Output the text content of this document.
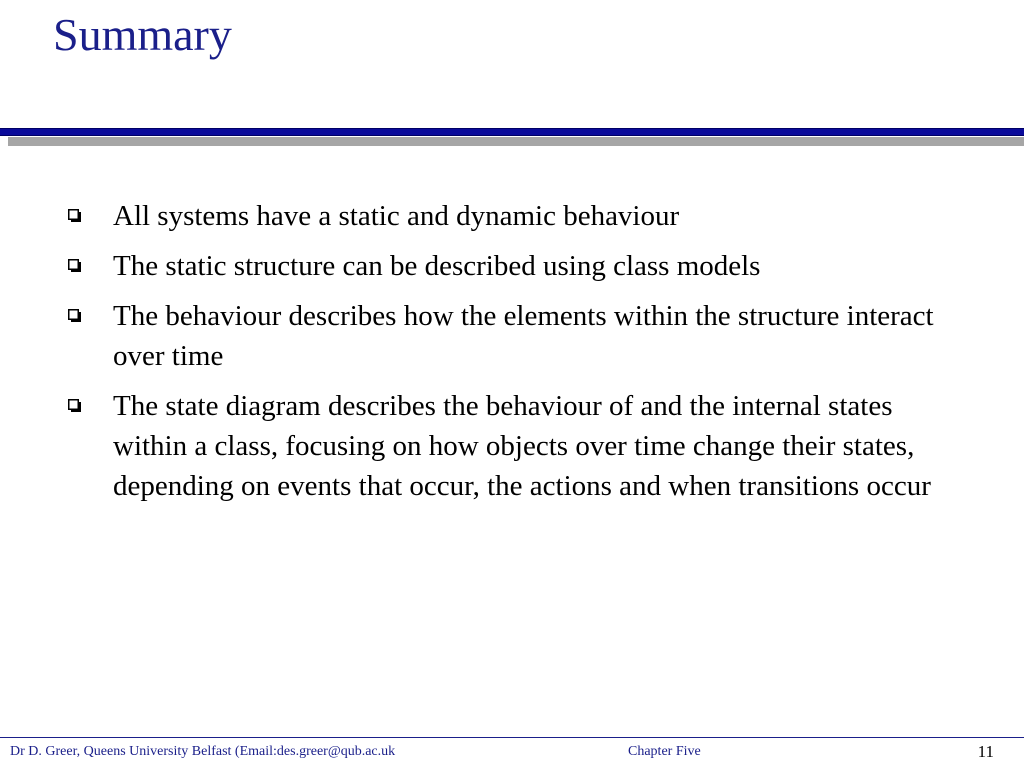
Summary
All systems have a static and dynamic behaviour
The static structure can be described using class models
The behaviour describes how the elements within the structure interact over time
The state diagram describes the behaviour of and the internal states within a class, focusing on how objects over time change their states, depending on events that occur, the actions and when transitions occur
Dr D. Greer, Queens University Belfast (Email:des.greer@qub.ac.uk	Chapter Five	11
